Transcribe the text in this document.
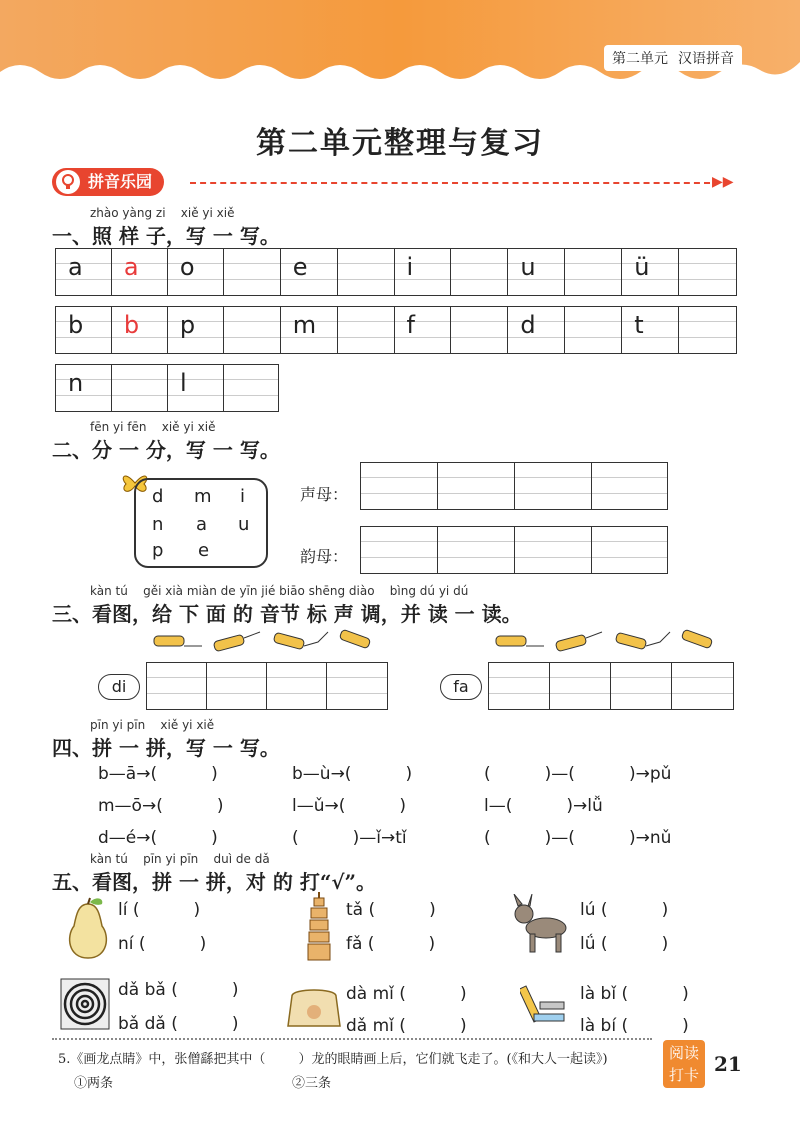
第二单元 汉语拼音
第二单元整理与复习
拼音乐园	▶▶
zhào yàng zi    xiě yi xiě
一、照 样 子，写 一 写。
a a o	e	i	u	ü
b b p	m	f	d	t
n	l
fēn yi fēn    xiě yi xiě
二、分 一 分，写 一 写。
d m i
n a u
p e
声母：
韵母：
kàn tú    gěi xià miàn de yīn jié biāo shēng diào    bìng dú yi dú
三、看图，给 下 面 的 音节 标 声 调，并 读 一 读。
di	fa
pīn yi pīn    xiě yi xiě
四、拼 一 拼，写 一 写。
b—ā→(          )	b—ù→(          )	(          )—(          )→pǔ
m—ō→(          )	l—ǔ→(          )	l—(          )→lǚ
d—é→(          )	(          )—ǐ→tǐ	(          )—(          )→nǔ
kàn tú    pīn yi pīn    duì de dǎ
五、看图，拼 一 拼，对 的 打“√”。
lí (          )
ní (          )
tǎ (          )
fǎ (          )
lú (          )
lǘ (          )
dǎ bǎ (          )
bǎ dǎ (          )
dà mǐ (          )
dǎ mǐ (          )
là bǐ (          )
là bí (          )
5.《画龙点睛》中，张僧繇把其中（        ）龙的眼睛画上后，它们就飞走了。(《和大人一起读》)
①两条	②三条
阅读
打卡 21
